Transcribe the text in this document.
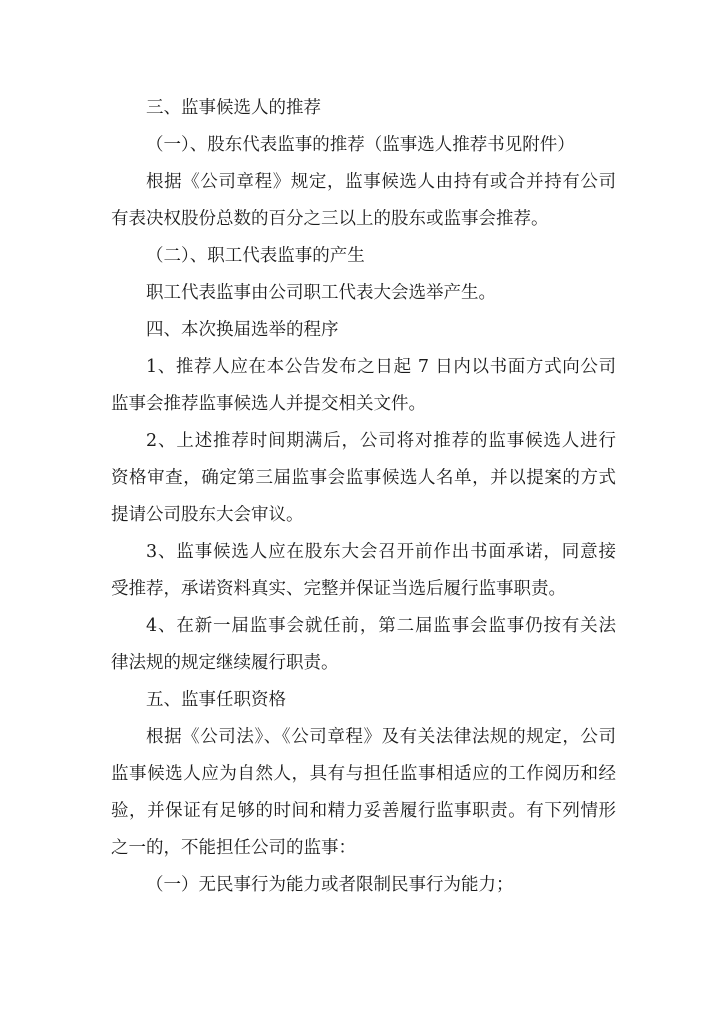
三、监事候选人的推荐
（一）、股东代表监事的推荐（监事选人推荐书见附件）
根据《公司章程》规定，监事候选人由持有或合并持有公司
有表决权股份总数的百分之三以上的股东或监事会推荐。
（二）、职工代表监事的产生
职工代表监事由公司职工代表大会选举产生。
四、本次换届选举的程序
1、推荐人应在本公告发布之日起 7 日内以书面方式向公司
监事会推荐监事候选人并提交相关文件。
2、上述推荐时间期满后，公司将对推荐的监事候选人进行
资格审查，确定第三届监事会监事候选人名单，并以提案的方式
提请公司股东大会审议。
3、监事候选人应在股东大会召开前作出书面承诺，同意接
受推荐，承诺资料真实、完整并保证当选后履行监事职责。
4、在新一届监事会就任前，第二届监事会监事仍按有关法
律法规的规定继续履行职责。
五、监事任职资格
根据《公司法》、《公司章程》及有关法律法规的规定，公司
监事候选人应为自然人，具有与担任监事相适应的工作阅历和经
验，并保证有足够的时间和精力妥善履行监事职责。有下列情形
之一的，不能担任公司的监事：
（一）无民事行为能力或者限制民事行为能力；
